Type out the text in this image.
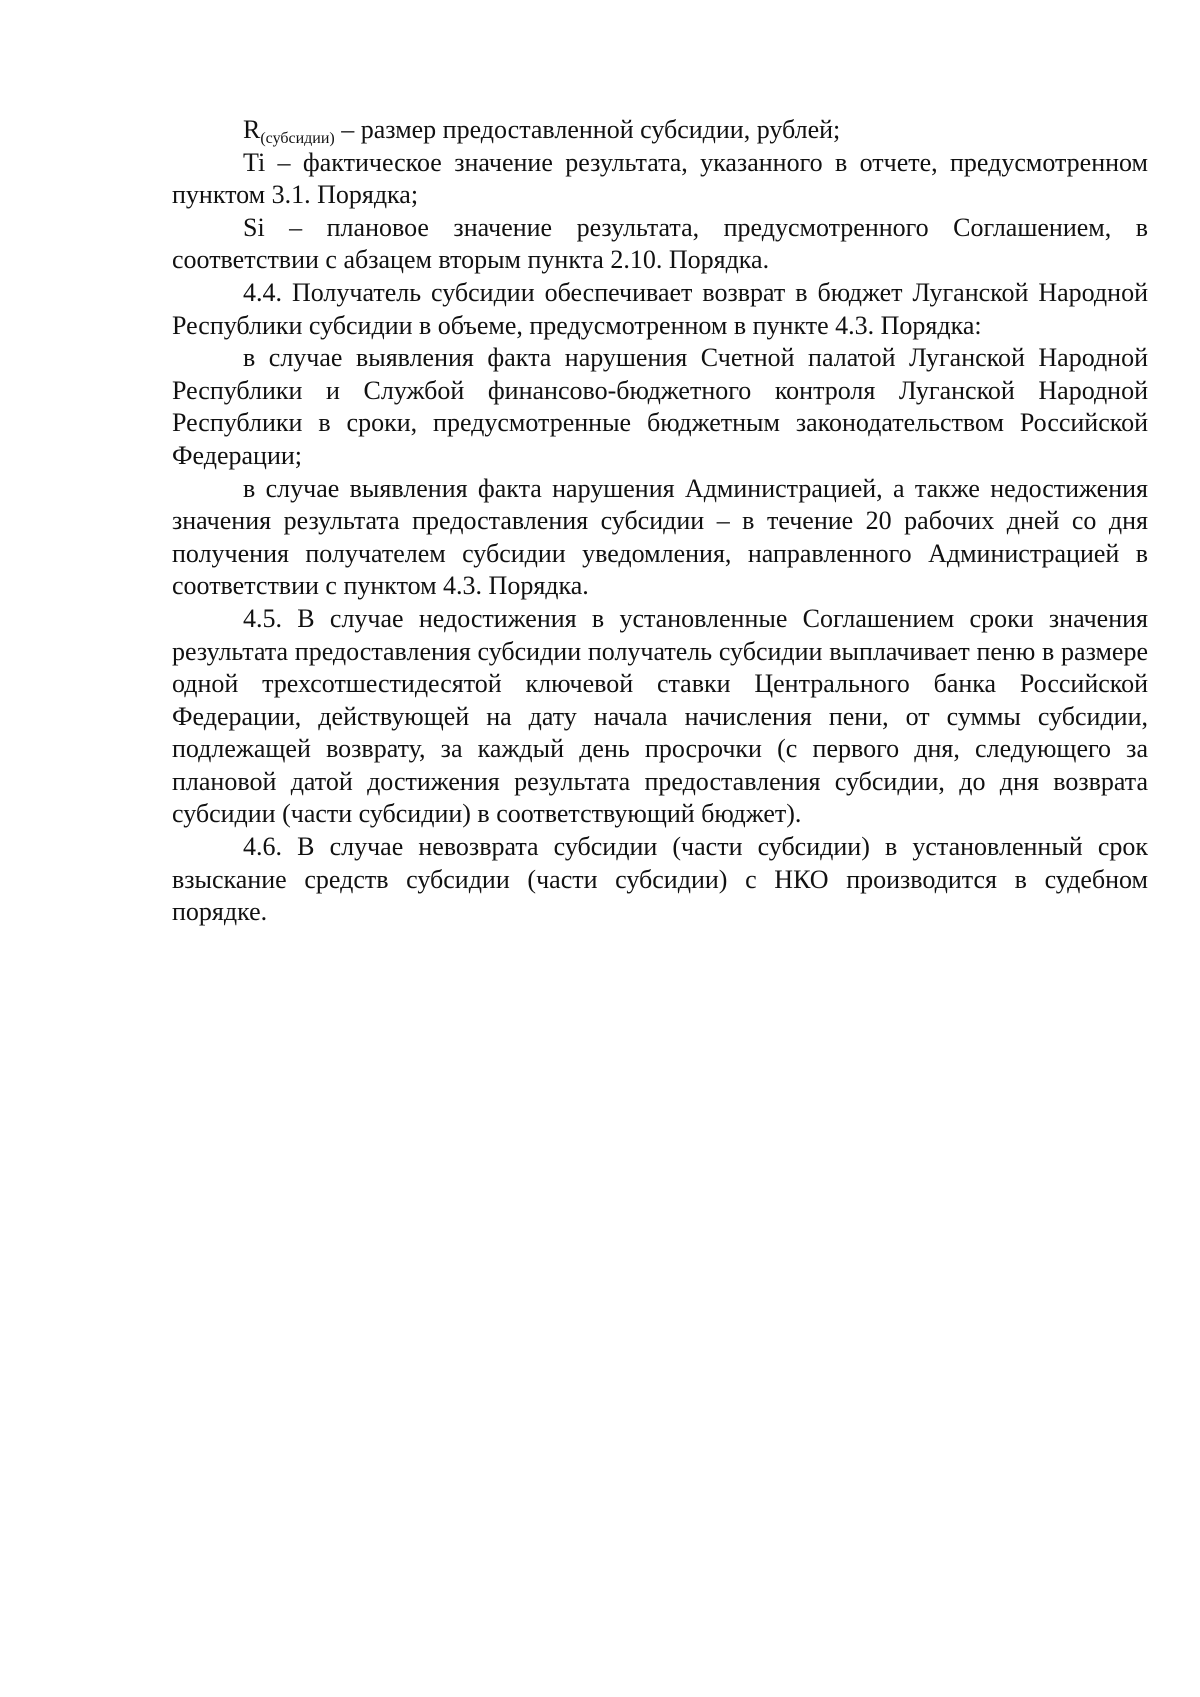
$R_{(субсидии)}$ – размер предоставленной субсидии, рублей;

Ti – фактическое значение результата, указанного в отчете, предусмотренном пунктом 3.1. Порядка;

Si – плановое значение результата, предусмотренного Соглашением, в соответствии с абзацем вторым пункта 2.10. Порядка.

4.4. Получатель субсидии обеспечивает возврат в бюджет Луганской Народной Республики субсидии в объеме, предусмотренном в пункте 4.3. Порядка:

в случае выявления факта нарушения Счетной палатой Луганской Народной Республики и Службой финансово-бюджетного контроля Луганской Народной Республики в сроки, предусмотренные бюджетным законодательством Российской Федерации;

в случае выявления факта нарушения Администрацией, а также недостижения значения результата предоставления субсидии – в течение 20 рабочих дней со дня получения получателем субсидии уведомления, направленного Администрацией в соответствии с пунктом 4.3. Порядка.

4.5. В случае недостижения в установленные Соглашением сроки значения результата предоставления субсидии получатель субсидии выплачивает пеню в размере одной трехсотшестидесятой ключевой ставки Центрального банка Российской Федерации, действующей на дату начала начисления пени, от суммы субсидии, подлежащей возврату, за каждый день просрочки (с первого дня, следующего за плановой датой достижения результата предоставления субсидии, до дня возврата субсидии (части субсидии) в соответствующий бюджет).

4.6. В случае невозврата субсидии (части субсидии) в установленный срок взыскание средств субсидии (части субсидии) с НКО производится в судебном порядке.
